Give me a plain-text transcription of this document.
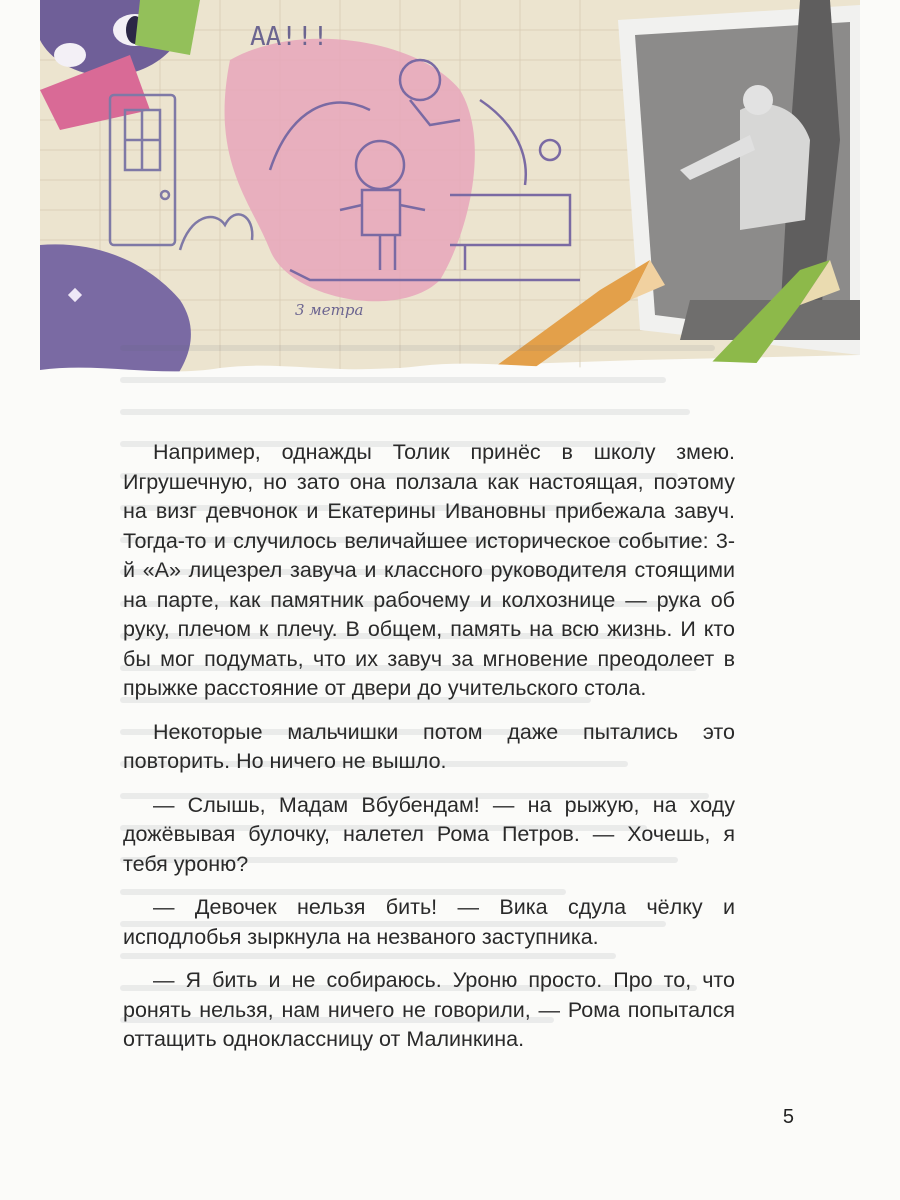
АА!!!
3 метра

Например, однажды Толик принёс в школу змею. Игрушечную, но зато она ползала как настоящая, поэтому на визг девчонок и Екатерины Ивановны прибежала завуч. Тогда-то и случилось величайшее историческое событие: 3-й «А» лицезрел завуча и классного руководителя стоящими на парте, как памятник рабочему и колхознице — рука об руку, плечом к плечу. В общем, память на всю жизнь. И кто бы мог подумать, что их завуч за мгновение преодолеет в прыжке расстояние от двери до учительского стола.

Некоторые мальчишки потом даже пытались это повторить. Но ничего не вышло.

— Слышь, Мадам Вбубендам! — на рыжую, на ходу дожёвывая булочку, налетел Рома Петров. — Хочешь, я тебя уроню?

— Девочек нельзя бить! — Вика сдула чёлку и исподлобья зыркнула на незваного заступника.

— Я бить и не собираюсь. Уроню просто. Про то, что ронять нельзя, нам ничего не говорили, — Рома попытался оттащить одноклассницу от Малинкина.

5
